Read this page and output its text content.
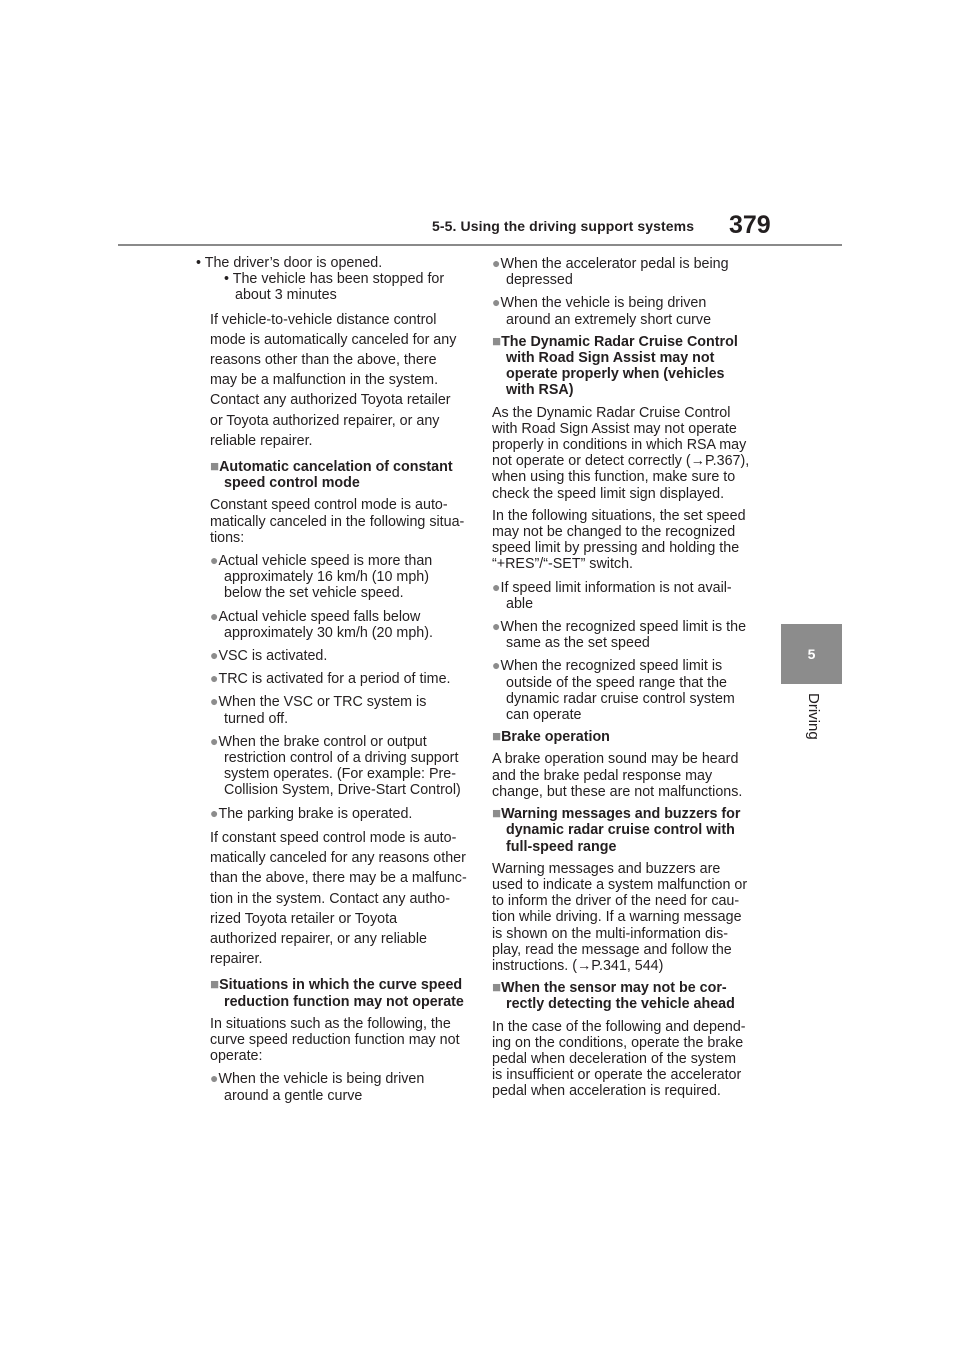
5-5. Using the driving support systems 379
5
Driving

• The driver’s door is opened.

• The vehicle has been stopped for about 3 minutes

If vehicle-to-vehicle distance control

mode is automatically canceled for any

reasons other than the above, there

may be a malfunction in the system.

Contact any authorized Toyota retailer

or Toyota authorized repairer, or any

reliable repairer.

■Automatic cancelation of constant speed control mode

Constant speed control mode is auto-matically canceled in the following situa-tions:

●Actual vehicle speed is more than approximately 16 km/h (10 mph) below the set vehicle speed.

●Actual vehicle speed falls below approximately 30 km/h (20 mph).

●VSC is activated.

●TRC is activated for a period of time.

●When the VSC or TRC system is turned off.

●When the brake control or output restriction control of a driving support system operates. (For example: Pre-Collision System, Drive-Start Control)

●The parking brake is operated.

If constant speed control mode is auto-

matically canceled for any reasons other

than the above, there may be a malfunc-

tion in the system. Contact any autho-

rized Toyota retailer or Toyota

authorized repairer, or any reliable

repairer.

■Situations in which the curve speed reduction function may not operate

In situations such as the following, the curve speed reduction function may not operate:

●When the vehicle is being driven around a gentle curve

●When the accelerator pedal is being depressed

●When the vehicle is being driven around an extremely short curve

■The Dynamic Radar Cruise Control with Road Sign Assist may not operate properly when (vehicles with RSA)

As the Dynamic Radar Cruise Control with Road Sign Assist may not operate properly in conditions in which RSA may not operate or detect correctly (→P.367), when using this function, make sure to check the speed limit sign displayed.

In the following situations, the set speed may not be changed to the recognized speed limit by pressing and holding the “+RES”/“-SET” switch.

●If speed limit information is not avail-able

●When the recognized speed limit is the same as the set speed

●When the recognized speed limit is outside of the speed range that the dynamic radar cruise control system can operate

■Brake operation

A brake operation sound may be heard and the brake pedal response may change, but these are not malfunctions.

■Warning messages and buzzers for dynamic radar cruise control with full-speed range

Warning messages and buzzers are used to indicate a system malfunction or to inform the driver of the need for cau-tion while driving. If a warning message is shown on the multi-information dis-play, read the message and follow the instructions. (→P.341, 544)

■When the sensor may not be cor-rectly detecting the vehicle ahead

In the case of the following and depend-ing on the conditions, operate the brake pedal when deceleration of the system is insufficient or operate the accelerator pedal when acceleration is required.
